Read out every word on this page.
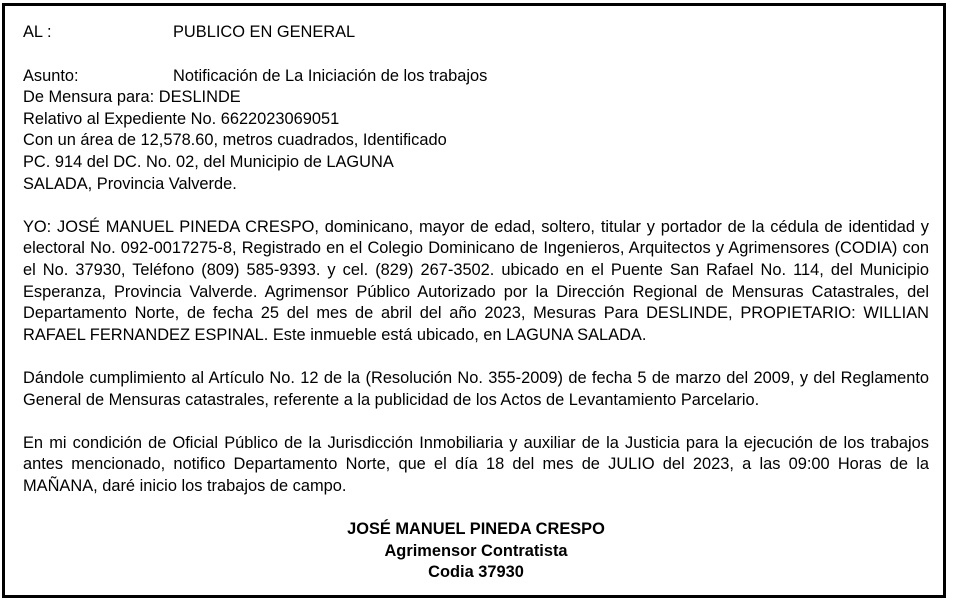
AL :	PUBLICO EN GENERAL
Asunto:	Notificación de La Iniciación de los trabajos

De Mensura para: DESLINDE

Relativo al Expediente No. 6622023069051

Con un área de 12,578.60, metros cuadrados, Identificado

PC. 914 del DC. No. 02, del Municipio de LAGUNA

SALADA, Provincia Valverde.

YO: JOSÉ MANUEL PINEDA CRESPO, dominicano, mayor de edad, soltero, titular y portador de la cédula de identidad y electoral No. 092-0017275-8, Registrado en el Colegio Dominicano de Ingenieros, Arquitectos y Agrimensores (CODIA) con el No. 37930, Teléfono (809) 585-9393. y cel. (829) 267-3502. ubicado en el Puente San Rafael No. 114, del Municipio Esperanza, Provincia Valverde. Agrimensor Público Autorizado por la Dirección Regional de Mensuras Catastrales, del Departamento Norte, de fecha 25 del mes de abril del año 2023, Mesuras Para DESLINDE, PROPIETARIO: WILLIAN RAFAEL FERNANDEZ ESPINAL. Este inmueble está ubicado, en LAGUNA SALADA.

Dándole cumplimiento al Artículo No. 12 de la (Resolución No. 355-2009) de fecha 5 de marzo del 2009, y del Reglamento General de Mensuras catastrales, referente a la publicidad de los Actos de Levantamiento Parcelario.

En mi condición de Oficial Público de la Jurisdicción Inmobiliaria y auxiliar de la Justicia para la ejecución de los trabajos antes mencionado, notifico Departamento Norte, que el día 18 del mes de JULIO del 2023, a las 09:00 Horas de la MAÑANA, daré inicio los trabajos de campo.

JOSÉ MANUEL PINEDA CRESPO
Agrimensor Contratista
Codia 37930
